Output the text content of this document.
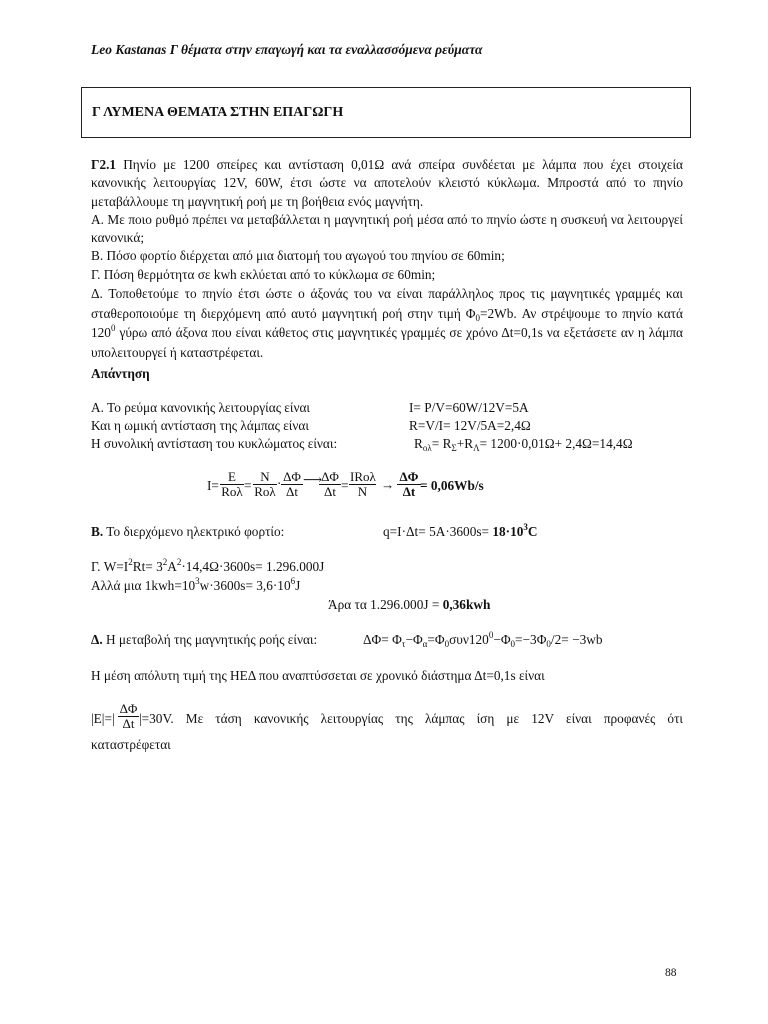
Leo Kastanas Γ θέματα στην επαγωγή και τα εναλλασσόμενα ρεύματα
Γ ΛΥΜΕΝΑ ΘΕΜΑΤΑ ΣΤΗΝ ΕΠΑΓΩΓΗ

Γ2.1 Πηνίο με 1200 σπείρες και αντίσταση 0,01Ω ανά σπείρα συνδέεται με λάμπα που έχει στοιχεία κανονικής λειτουργίας 12V, 60W, έτσι ώστε να αποτελούν κλειστό κύκλωμα. Μπροστά από το πηνίο μεταβάλλουμε τη μαγνητική ροή με τη βοήθεια ενός μαγνήτη.

Α. Με ποιο ρυθμό πρέπει να μεταβάλλεται η μαγνητική ροή μέσα από το πηνίο ώστε η συσκευή να λειτουργεί κανονικά;

Β. Πόσο φορτίο διέρχεται από μια διατομή του αγωγού του πηνίου σε 60min;

Γ. Πόση θερμότητα σε kwh εκλύεται από το κύκλωμα σε 60min;

Δ. Τοποθετούμε το πηνίο έτσι ώστε ο άξονάς του να είναι παράλληλος προς τις μαγνητικές γραμμές και σταθεροποιούμε τη διερχόμενη από αυτό μαγνητική ροή στην τιμή $\Phi_0=2Wb$. Αν στρέψουμε το πηνίο κατά $120^0$ γύρω από άξονα που είναι κάθετος στις μαγνητικές γραμμές σε χρόνο Δt=0,1s να εξετάσετε αν η λάμπα υπολειτουργεί ή καταστρέφεται.

Απάντηση
Α. Το ρεύμα κανονικής λειτουργίας είναι	I= P/V=60W/12V=5A
Και η ωμική αντίσταση της λάμπας είναι	R=V/I= 12V/5A=2,4Ω
Η συνολική αντίσταση του κυκλώματος είναι:	$R_{o\lambda}= R_\Sigma+R_\Lambda= 1200\cdot 0,01\Omega+ 2,4\Omega=14,4\Omega$
I=
E
Rολ =
N
Rολ
· $\frac{\Delta\Phi}{\Delta t}$ ⟶
$\frac{\Delta\Phi}{\Delta t}$ =
IRολ
N	→ $\frac{\Delta\Phi}{\Delta t} = 0,06Wb/s$
Β. Το διερχόμενο ηλεκτρικό φορτίο:	$q=I\cdot\Delta t= 5A\cdot 3600s= 18\cdot 10^3C$
Γ. $W=I^2Rt= 3^2A^2\cdot 14,4\Omega\cdot 3600s= 1.296.000J$
Αλλά μια $1kwh=10^3w\cdot 3600s= 3,6\cdot 10^6J$
Άρα τα 1.296.000J = 0,36kwh
Δ. Η μεταβολή της μαγνητικής ροής είναι:	$\Delta\Phi= \Phi_\tau-\Phi_\alpha=\Phi_0\sigma\upsilon\nu 120^0-\Phi_0=-3\Phi_0/2= -3wb$
Η μέση απόλυτη τιμή της ΗΕΔ που αναπτύσσεται σε χρονικό διάστημα Δt=0,1s είναι
$|E|=| \frac{\Delta\Phi}{\Delta t} |=30V$. Με τάση κανονικής λειτουργίας της λάμπας ίση με 12V είναι προφανές ότι
καταστρέφεται
88
